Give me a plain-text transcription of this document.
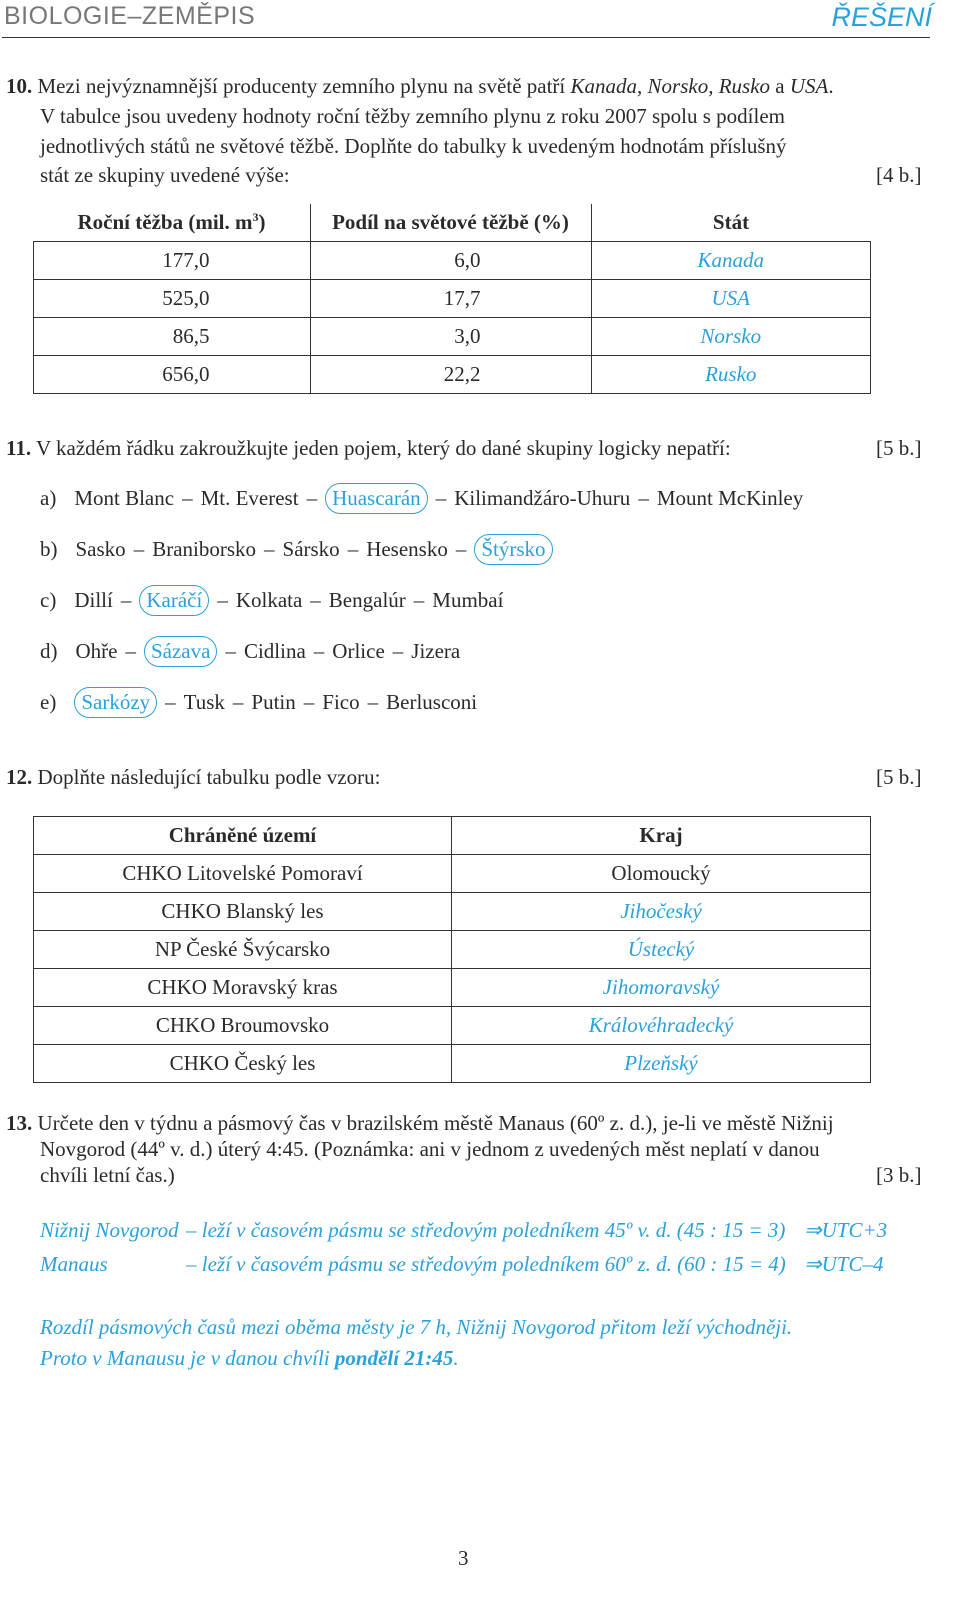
BIOLOGIE–ZEMĚPIS	ŘEŠENÍ
10. Mezi nejvýznamnější producenty zemního plynu na světě patří Kanada, Norsko, Rusko a USA.
V tabulce jsou uvedeny hodnoty roční těžby zemního plynu z roku 2007 spolu s podílem
jednotlivých států ne světové těžbě. Doplňte do tabulky k uvedeným hodnotám příslušný
stát ze skupiny uvedené výše:	[4 b.]
Roční těžba (mil. $m^3$)	Podíl na světové těžbě (%)	Stát
177,0	6,0	Kanada
525,0	17,7	USA
86,5	3,0	Norsko
656,0	22,2	Rusko
11. V každém řádku zakroužkujte jeden pojem, který do dané skupiny logicky nepatří:	[5 b.]
a) Mont Blanc – Mt. Everest – Huascarán – Kilimandžáro-Uhuru – Mount McKinley
b) Sasko – Braniborsko – Sársko – Hesensko – Štýrsko
c) Dillí – Karáčí – Kolkata – Bengalúr – Mumbaí
d) Ohře – Sázava – Cidlina – Orlice – Jizera
e)	Sarkózy – Tusk – Putin – Fico – Berlusconi
12. Doplňte následující tabulku podle vzoru:	[5 b.]
Chráněné území	Kraj
CHKO Litovelské Pomoraví	Olomoucký
CHKO Blanský les	Jihočeský
NP České Švýcarsko	Ústecký
CHKO Moravský kras	Jihomoravský
CHKO Broumovsko	Královéhradecký
CHKO Český les	Plzeňský
13. Určete den v týdnu a pásmový čas v brazilském městě Manaus (60º z. d.), je-li ve městě Nižnij
Novgorod (44º v. d.) úterý 4:45. (Poznámka: ani v jednom z uvedených měst neplatí v danou
chvíli letní čas.)	[3 b.]
Nižnij Novgorod – leží v časovém pásmu se středovým poledníkem 45º v. d. (45 : 15 = 3) ⇒UTC+3
Manaus	– leží v časovém pásmu se středovým poledníkem 60º z. d. (60 : 15 = 4) ⇒UTC–4
Rozdíl pásmových časů mezi oběma městy je 7 h, Nižnij Novgorod přitom leží východněji.
Proto v Manausu je v danou chvíli pondělí 21:45.
3
